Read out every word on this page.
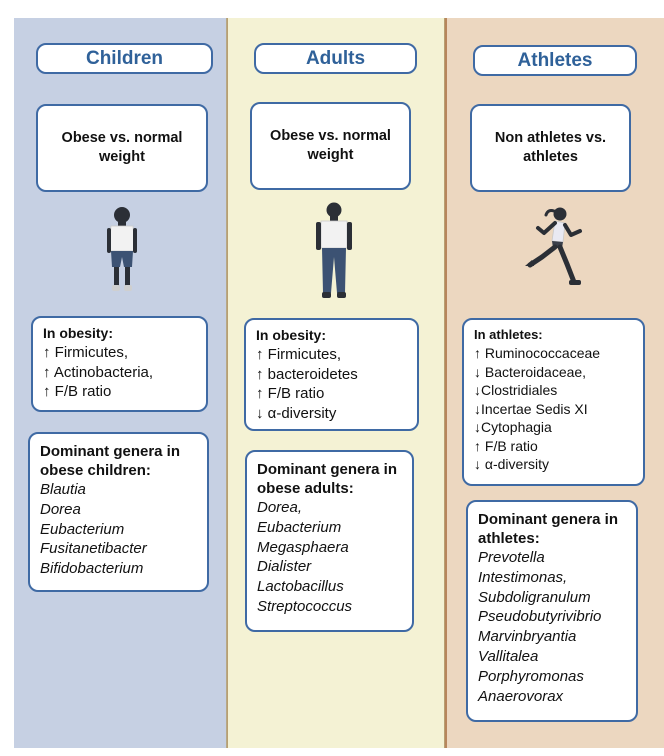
Children
Obese vs. normal weight
In obesity:
↑ Firmicutes,
↑ Actinobacteria,
↑ F/B ratio
Dominant genera in obese children:
Blautia
Dorea
Eubacterium
Fusitanetibacter
Bifidobacterium
Adults
Obese vs. normal weight
In obesity:
↑ Firmicutes,
↑ bacteroidetes
↑ F/B ratio
↓ α-diversity
Dominant genera in obese adults:
Dorea,
Eubacterium
Megasphaera
Dialister
Lactobacillus
Streptococcus
Athletes
Non athletes vs. athletes
In athletes:
↑ Ruminococcaceae
↓ Bacteroidaceae,
↓Clostridiales
↓Incertae Sedis XI
↓Cytophagia
↑ F/B ratio
↓ α-diversity
Dominant genera in athletes:
Prevotella
Intestimonas,
Subdoligranulum
Pseudobutyrivibrio
Marvinbryantia
Vallitalea
Porphyromonas
Anaerovorax
